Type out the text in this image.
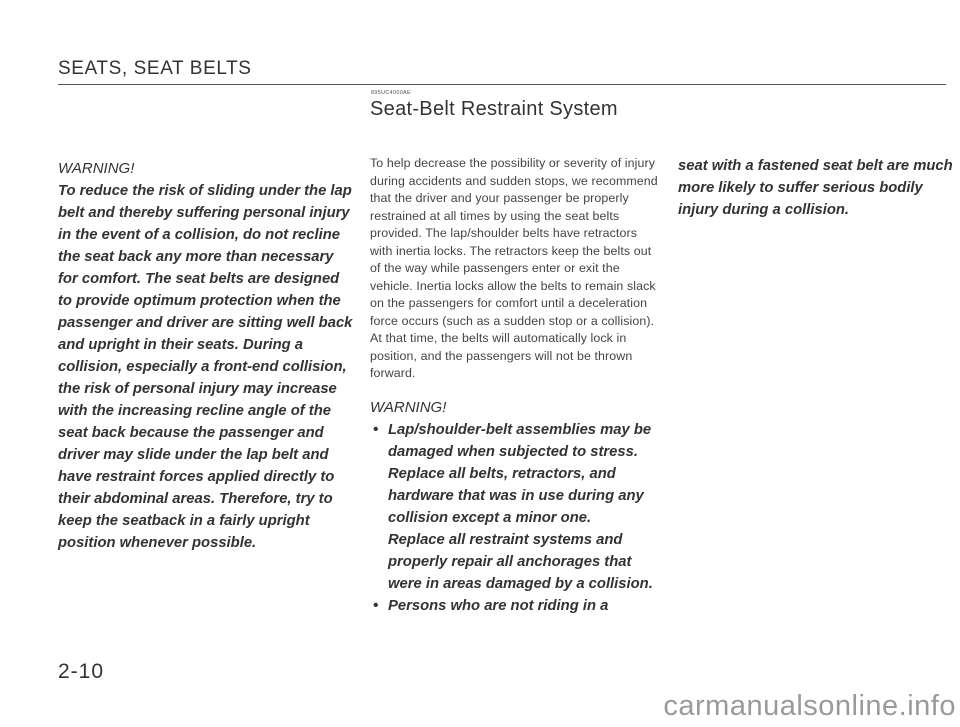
SEATS, SEAT BELTS
895UC4000AE
Seat-Belt Restraint System
WARNING!

To reduce the risk of sliding under the lap belt and thereby suffering personal injury in the event of a collision, do not recline the seat back any more than necessary for comfort. The seat belts are designed to provide optimum protection when the passenger and driver are sitting well back and upright in their seats. During a collision, especially a front-end collision, the risk of personal injury may increase with the increasing recline angle of the seat back because the passenger and driver may slide under the lap belt and have restraint forces applied directly to their abdominal areas. Therefore, try to keep the seatback in a fairly upright position whenever possible.

To help decrease the possibility or severity of injury during accidents and sudden stops, we recommend that the driver and your passenger be properly restrained at all times by using the seat belts provided. The lap/shoulder belts have retractors with inertia locks. The retractors keep the belts out of the way while passengers enter or exit the vehicle. Inertia locks allow the belts to remain slack on the passengers for comfort until a deceleration force occurs (such as a sudden stop or a collision). At that time, the belts will automatically lock in position, and the passengers will not be thrown forward.

WARNING!
• Lap/shoulder-belt assemblies may be damaged when subjected to stress. Replace all belts, retractors, and hardware that was in use during any collision except a minor one.
Replace all restraint systems and properly repair all anchorages that were in areas damaged by a collision.
• Persons who are not riding in a

seat with a fastened seat belt are much more likely to suffer serious bodily injury during a collision.

2-10
carmanualsonline.info
